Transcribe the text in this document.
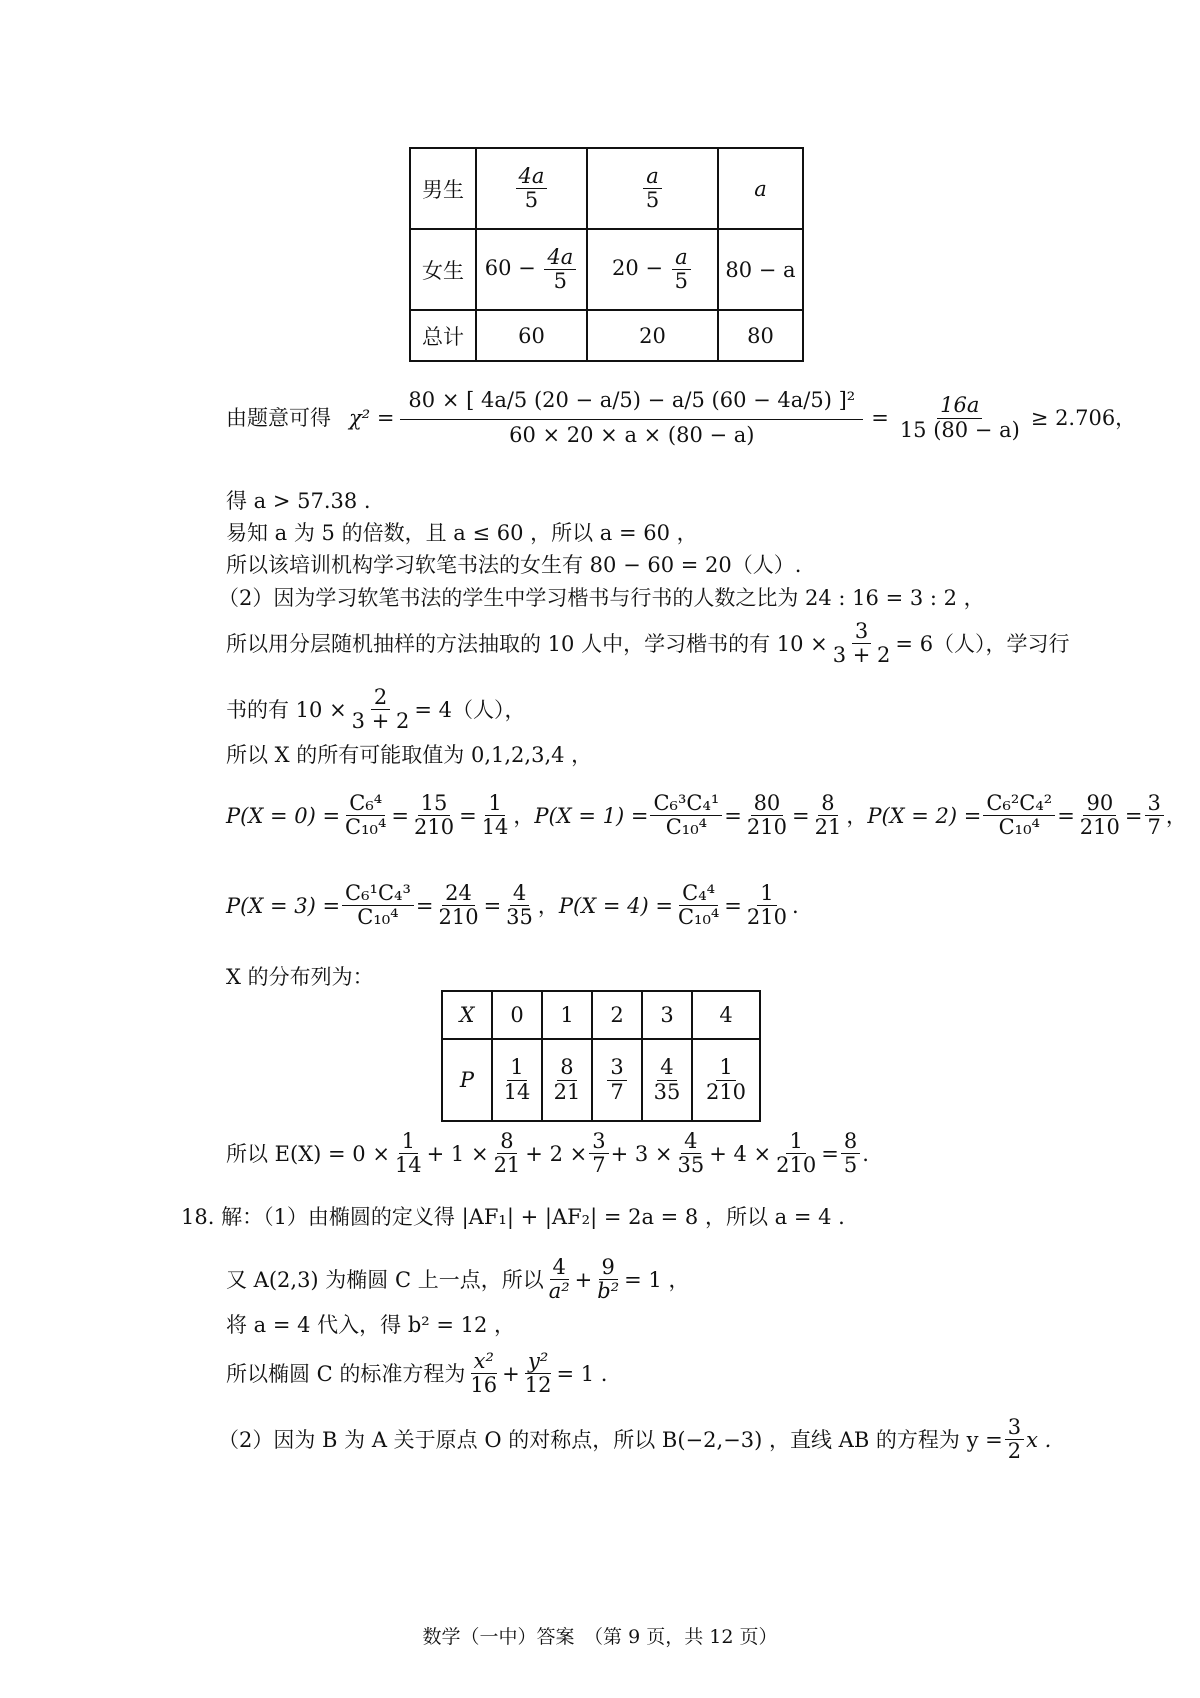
男生	$\frac{4a}{5}$	$\frac{a}{5}$	a
女生	$60 - \frac{4a}{5}$	$20 - \frac{a}{5}$	80 − a
总计	60	20	80
由题意可得 $\chi^2 = \frac{\text{80 × [ 4a/5 (20 − a/5) − a/5 (60 − 4a/5) ]²}}{60 \times 20 \times a \times (80 - a)} = \frac{16a}{15 (80 - a)} \ge 2.706$，
得 a > 57.38 .
易知 a 为 5 的倍数，且 a ≤ 60 ，所以 a = 60 ，
所以该培训机构学习软笔书法的女生有 80 − 60 = 20（人）.
（2）因为学习软笔书法的学生中学习楷书与行书的人数之比为 24 : 16 = 3 : 2 ，
所以用分层随机抽样的方法抽取的 10 人中，学习楷书的有 $10 \times \frac{3}{3 + 2} = 6$（人），学习行
书的有 $10 \times \frac{2}{3 + 2} = 4$（人），
所以 X 的所有可能取值为 0,1,2,3,4 ，
$P(X = 0) = \frac{\text{C₆⁴}}{\text{C₁₀⁴}} = \frac{15}{210} = \frac{1}{14}$ ， $P(X = 1) = \frac{\text{C₆³C₄¹}}{\text{C₁₀⁴}} = \frac{80}{210} = \frac{8}{21}$ ， $P(X = 2) = \frac{\text{C₆²C₄²}}{\text{C₁₀⁴}} = \frac{90}{210} = \frac{3}{7}$ ，
$P(X = 3) = \frac{\text{C₆¹C₄³}}{\text{C₁₀⁴}} = \frac{24}{210} = \frac{4}{35}$ ， $P(X = 4) = \frac{\text{C₄⁴}}{\text{C₁₀⁴}} = \frac{1}{210}$ .
X 的分布列为：
X	0	1	2	3	4
P	$\frac{1}{14}$	$\frac{8}{21}$	$\frac{3}{7}$	$\frac{4}{35}$	$\frac{1}{210}$
所以 $E(X) = 0 \times \frac{1}{14} + 1 \times \frac{8}{21} + 2 \times \frac{3}{7} + 3 \times \frac{4}{35} + 4 \times \frac{1}{210} = \frac{8}{5}$ .
18. 解：（1）由椭圆的定义得 |AF₁| + |AF₂| = 2a = 8 ，所以 a = 4 .
又 A(2,3) 为椭圆 C 上一点，所以 $\frac{4}{\text{a²}} + \frac{9}{\text{b²}} = 1$ ，
将 a = 4 代入，得 b² = 12 ，
所以椭圆 C 的标准方程为 $\frac{\text{x²}}{16} + \frac{\text{y²}}{12} = 1$ .
（2）因为 B 为 A 关于原点 O 的对称点，所以 B(−2,−3) ，直线 AB 的方程为 $y = \frac{3}{2}$ x .
数学（一中）答案　（第 9 页，共 12 页）
